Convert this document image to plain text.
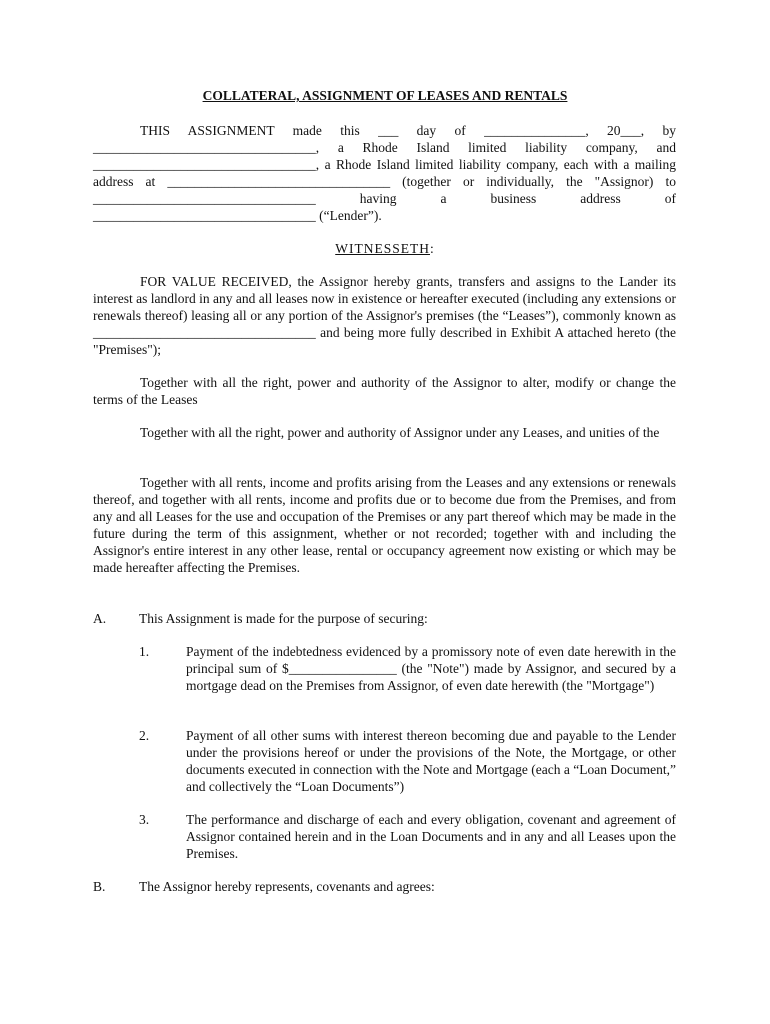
COLLATERAL, ASSIGNMENT OF LEASES AND RENTALS
THIS ASSIGNMENT made this ___ day of _______________, 20___, by _________________________________, a Rhode Island limited liability company, and _________________________________, a Rhode Island limited liability company, each with a mailing address at _________________________________ (together or individually, the "Assignor) to _________________________________ having a business address of _________________________________ (“Lender”).
WITNESSETH:
FOR VALUE RECEIVED, the Assignor hereby grants, transfers and assigns to the Lander its interest as landlord in any and all leases now in existence or hereafter executed (including any extensions or renewals thereof) leasing all or any portion of the Assignor's premises (the “Leases”), commonly known as _________________________________ and being more fully described in Exhibit A attached hereto (the "Premises");
Together with all the right, power and authority of the Assignor to alter, modify or change the terms of the Leases
Together with all the right, power and authority of Assignor under any Leases, and unities of the
Together with all rents, income and profits arising from the Leases and any extensions or renewals thereof, and together with all rents, income and profits due or to become due from the Premises, and from any and all Leases for the use and occupation of the Premises or any part thereof which may be made in the future during the term of this assignment, whether or not recorded; together with and including the Assignor's entire interest in any other lease, rental or occupancy agreement now existing or which may be made hereafter affecting the Premises.
A. This Assignment is made for the purpose of securing:
1.	Payment of the indebtedness evidenced by a promissory note of even date herewith in the principal sum of $________________ (the "Note") made by Assignor, and secured by a mortgage dead on the Premises from Assignor, of even date herewith (the "Mortgage")
2.	Payment of all other sums with interest thereon becoming due and payable to the Lender under the provisions hereof or under the provisions of the Note, the Mortgage, or other documents executed in connection with the Note and Mortgage (each a “Loan Document,” and collectively the “Loan Documents”)
3.	The performance and discharge of each and every obligation, covenant and agreement of Assignor contained herein and in the Loan Documents and in any and all Leases upon the Premises.
B. The Assignor hereby represents, covenants and agrees:
